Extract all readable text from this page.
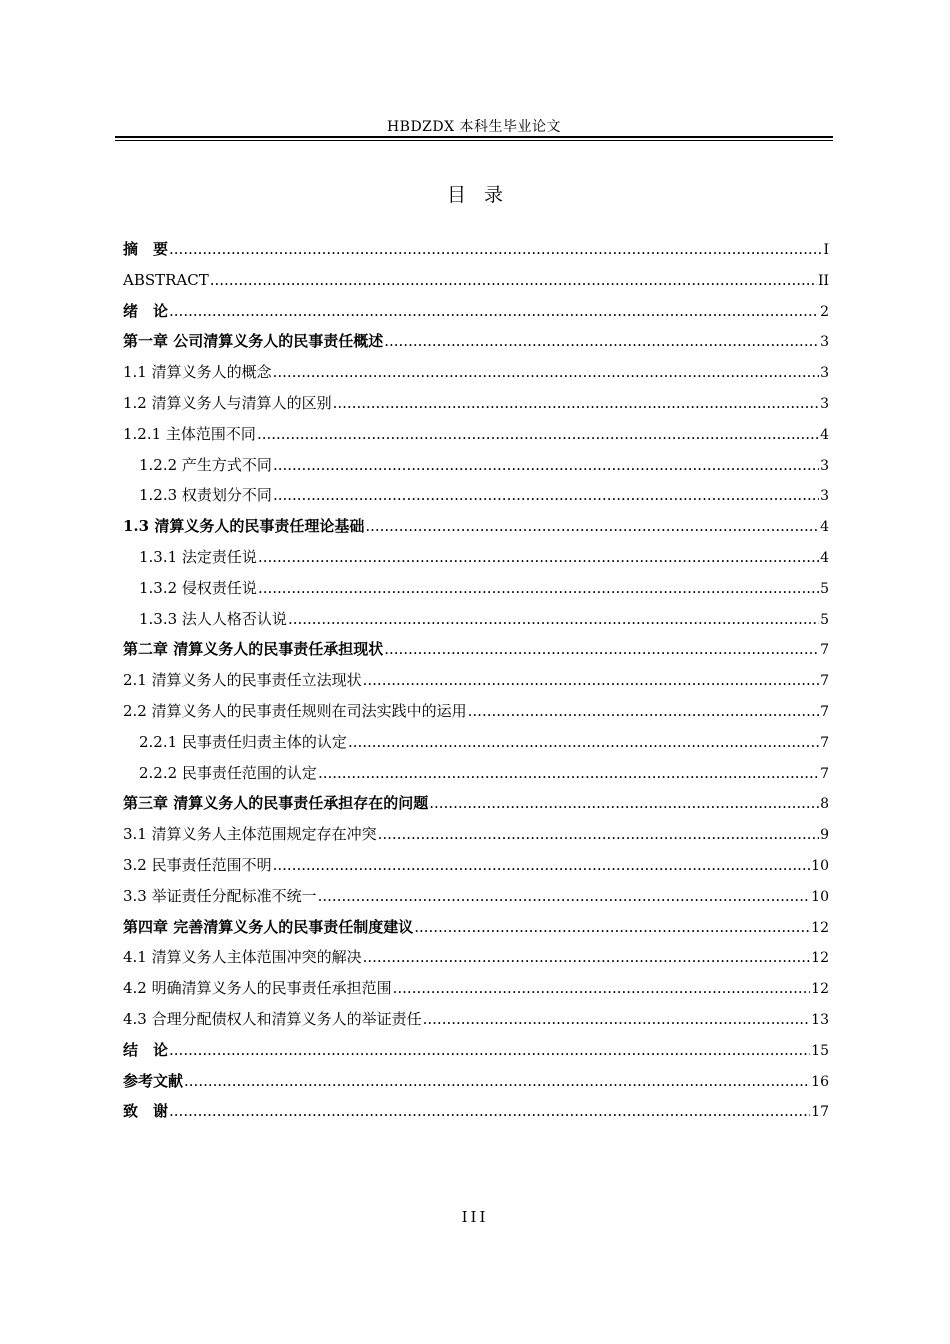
HBDZDX 本科生毕业论文
目录
摘　要 .....	I
ABSTRACT .....	II
绪　论 .....	2
第一章 公司清算义务人的民事责任概述 .....	3
1.1 清算义务人的概念 .....	3
1.2 清算义务人与清算人的区别 .....	3
1.2.1 主体范围不同 .....	4
1.2.2 产生方式不同 .....	3
1.2.3 权责划分不同 .....	3
1.3 清算义务人的民事责任理论基础 .....	4
1.3.1 法定责任说 .....	4
1.3.2 侵权责任说 .....	5
1.3.3 法人人格否认说 .....	5
第二章 清算义务人的民事责任承担现状 .....	7
2.1 清算义务人的民事责任立法现状 .....	7
2.2 清算义务人的民事责任规则在司法实践中的运用 .....	7
2.2.1 民事责任归责主体的认定 .....	7
2.2.2 民事责任范围的认定 .....	7
第三章 清算义务人的民事责任承担存在的问题 .....	8
3.1 清算义务人主体范围规定存在冲突 .....	9
3.2 民事责任范围不明 .....	10
3.3 举证责任分配标准不统一 .....	10
第四章 完善清算义务人的民事责任制度建议 .....	12
4.1 清算义务人主体范围冲突的解决 .....	12
4.2 明确清算义务人的民事责任承担范围 .....	12
4.3 合理分配债权人和清算义务人的举证责任 .....	13
结　论 .....	15
参考文献 .....	16
致　谢 .....	17
III
